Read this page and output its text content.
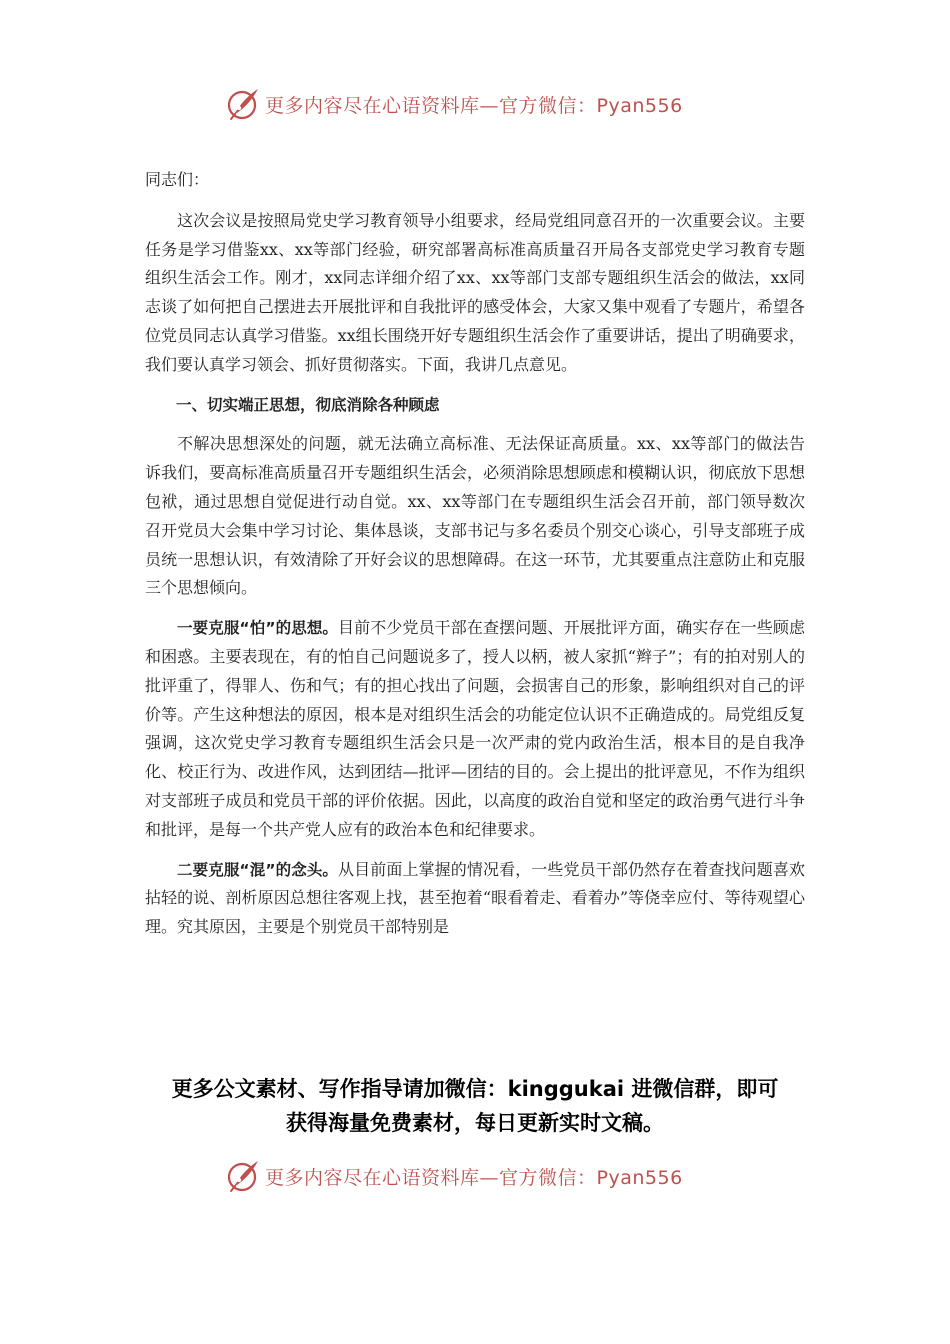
更多内容尽在心语资料库—官方微信：Pyan556

同志们：

这次会议是按照局党史学习教育领导小组要求，经局党组同意召开的一次重要会议。主要任务是学习借鉴xx、xx等部门经验，研究部署高标准高质量召开局各支部党史学习教育专题组织生活会工作。刚才，xx同志详细介绍了xx、xx等部门支部专题组织生活会的做法，xx同志谈了如何把自己摆进去开展批评和自我批评的感受体会，大家又集中观看了专题片，希望各位党员同志认真学习借鉴。xx组长围绕开好专题组织生活会作了重要讲话，提出了明确要求，我们要认真学习领会、抓好贯彻落实。下面，我讲几点意见。

一、切实端正思想，彻底消除各种顾虑

不解决思想深处的问题，就无法确立高标准、无法保证高质量。xx、xx等部门的做法告诉我们，要高标准高质量召开专题组织生活会，必须消除思想顾虑和模糊认识，彻底放下思想包袱，通过思想自觉促进行动自觉。xx、xx等部门在专题组织生活会召开前，部门领导数次召开党员大会集中学习讨论、集体恳谈，支部书记与多名委员个别交心谈心，引导支部班子成员统一思想认识，有效清除了开好会议的思想障碍。在这一环节，尤其要重点注意防止和克服三个思想倾向。

一要克服“怕”的思想。目前不少党员干部在查摆问题、开展批评方面，确实存在一些顾虑和困惑。主要表现在，有的怕自己问题说多了，授人以柄，被人家抓“辫子”；有的拍对别人的批评重了，得罪人、伤和气；有的担心找出了问题，会损害自己的形象，影响组织对自己的评价等。产生这种想法的原因，根本是对组织生活会的功能定位认识不正确造成的。局党组反复强调，这次党史学习教育专题组织生活会只是一次严肃的党内政治生活，根本目的是自我净化、校正行为、改进作风，达到团结—批评—团结的目的。会上提出的批评意见，不作为组织对支部班子成员和党员干部的评价依据。因此，以高度的政治自觉和坚定的政治勇气进行斗争和批评，是每一个共产党人应有的政治本色和纪律要求。

二要克服“混”的念头。从目前面上掌握的情况看，一些党员干部仍然存在着查找问题喜欢拈轻的说、剖析原因总想往客观上找，甚至抱着“眼看着走、看着办”等侥幸应付、等待观望心理。究其原因，主要是个别党员干部特别是

更多公文素材、写作指导请加微信：kinggukai 进微信群，即可
获得海量免费素材，每日更新实时文稿。
更多内容尽在心语资料库—官方微信：Pyan556
